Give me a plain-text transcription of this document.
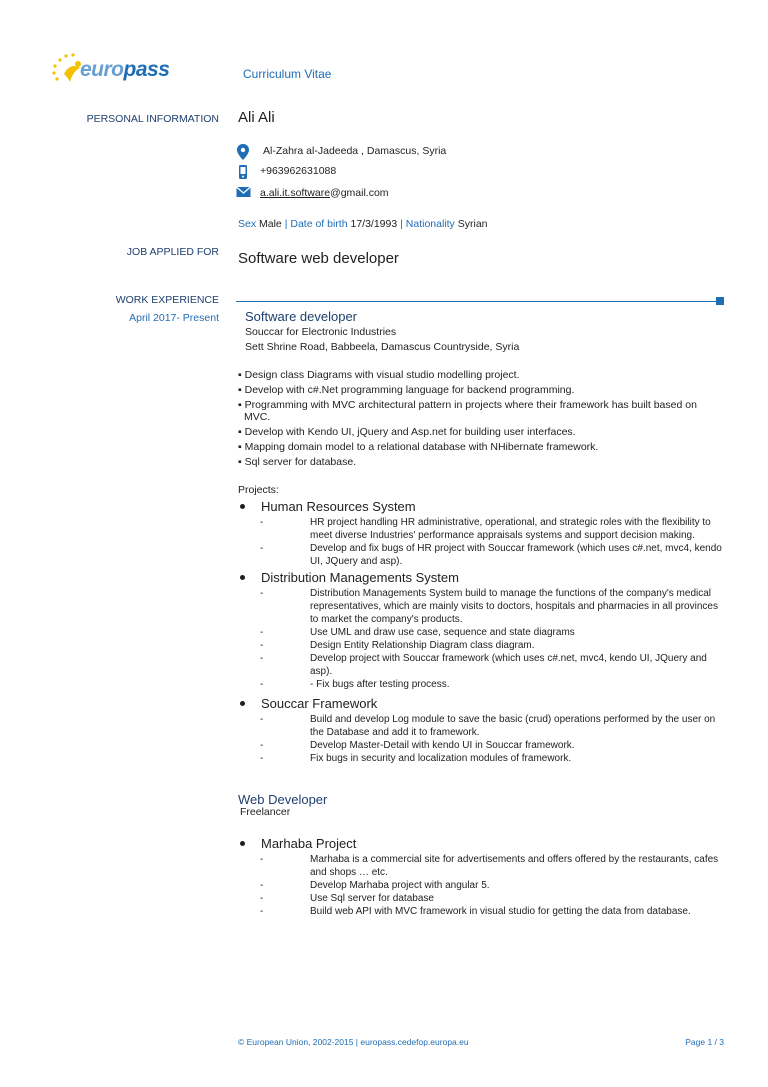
europass	Curriculum Vitae
PERSONAL INFORMATION Ali Ali
Al-Zahra al-Jadeeda , Damascus, Syria
+963962631088
a.ali.it.software @gmail.com
Sex Male | Date of birth 17/3/1993 | Nationality Syrian
JOB APPLIED FOR Software web developer
WORK EXPERIENCE
April 2017- Present Software developer
Souccar for Electronic Industries
Sett Shrine Road, Babbeela, Damascus Countryside, Syria
▪ Design class Diagrams with visual studio modelling project.
▪ Develop with c#.Net programming language for backend programming.
▪ Programming with MVC architectural pattern in projects where their framework has built based on
MVC.
▪ Develop with Kendo UI, jQuery and Asp.net for building user interfaces.
▪ Mapping domain model to a relational database with NHibernate framework.
▪ Sql server for database.
Projects:
Human Resources System
-	HR project handling HR administrative, operational, and strategic roles with the flexibility to meet diverse Industries' performance appraisals systems and support decision making.
-	Develop and fix bugs of HR project with Souccar framework (which uses c#.net, mvc4, kendo UI, JQuery and asp).
Distribution Managements System
-	Distribution Managements System build to manage the functions of the company's medical representatives, which are mainly visits to doctors, hospitals and pharmacies in all provinces to market the company's products.
-	Use UML and draw use case, sequence and state diagrams
-	Design Entity Relationship Diagram class diagram.
-	Develop project with Souccar framework (which uses c#.net, mvc4, kendo UI, JQuery and asp).
-	- Fix bugs after testing process.
Souccar Framework
-	Build and develop Log module to save the basic (crud) operations performed by the user on the Database and add it to framework.
-	Develop Master-Detail with kendo UI in Souccar framework.
-	Fix bugs in security and localization modules of framework.
Web Developer
Freelancer
Marhaba Project
-	Marhaba is a commercial site for advertisements and offers offered by the restaurants, cafes and shops … etc.
-	Develop Marhaba project with angular 5.
-	Use Sql server for database
-	Build web API with MVC framework in visual studio for getting the data from database.
© European Union, 2002-2015 | europass.cedefop.europa.eu	Page 1 / 3
